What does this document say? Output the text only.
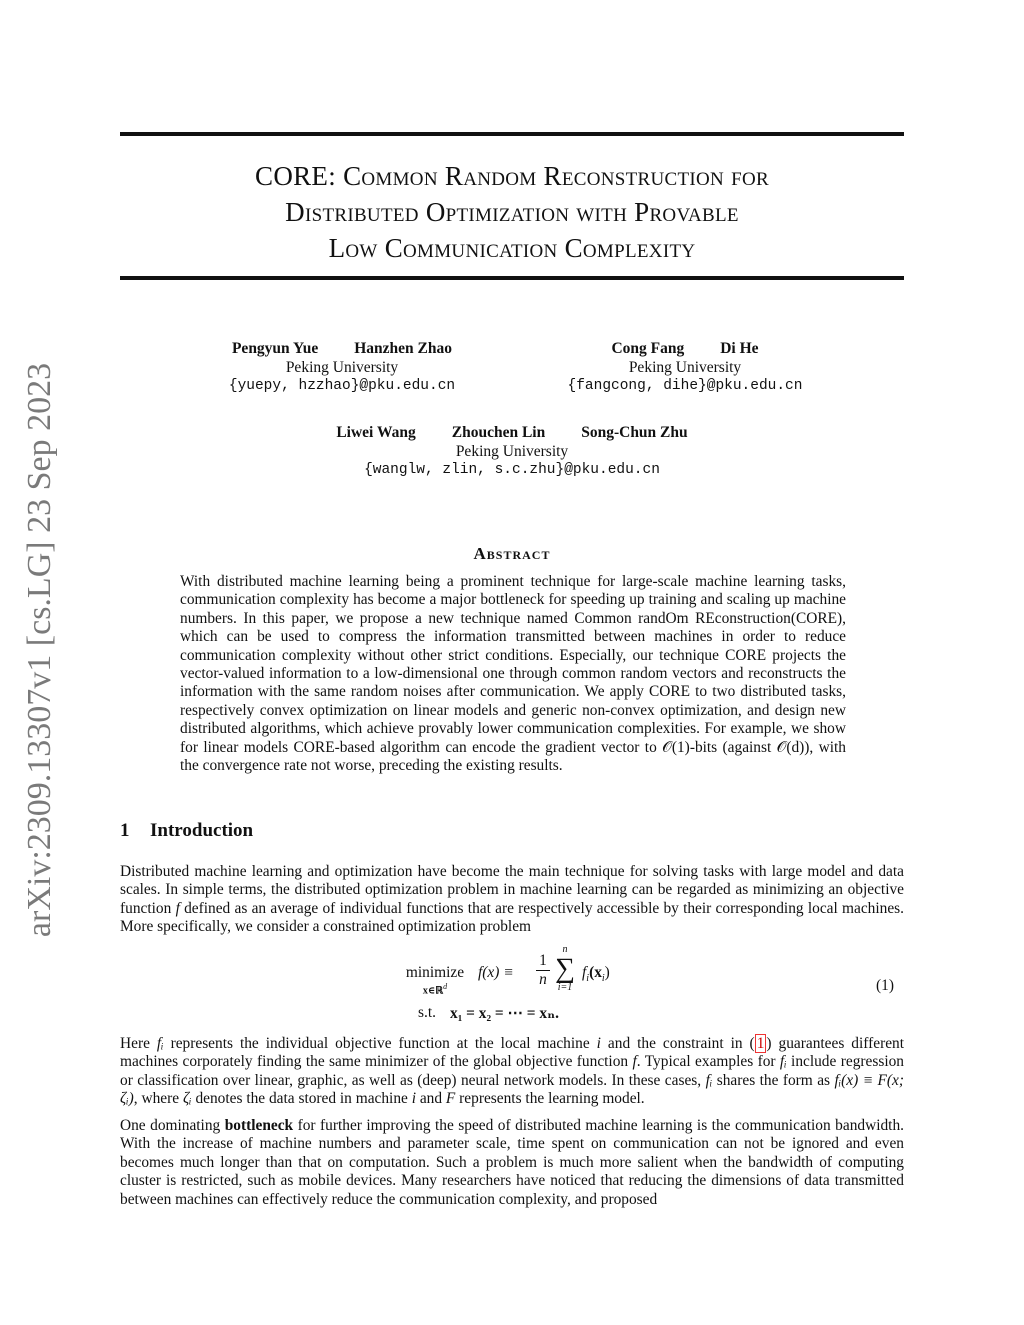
arXiv:2309.13307v1 [cs.LG] 23 Sep 2023
CORE: Common Random Reconstruction for
Distributed Optimization with Provable
Low Communication Complexity
Pengyun Yue Hanzhen Zhao
Peking University
{yuepy, hzzhao}@pku.edu.cn
Cong Fang Di He
Peking University
{fangcong, dihe}@pku.edu.cn
Liwei Wang Zhouchen Lin Song-Chun Zhu
Peking University
{wanglw, zlin, s.c.zhu}@pku.edu.cn
Abstract
With distributed machine learning being a prominent technique for large-scale machine learning tasks, communication complexity has become a major bottleneck for speeding up training and scaling up machine numbers. In this paper, we propose a new technique named Common randOm REconstruction(CORE), which can be used to compress the information transmitted between machines in order to reduce communication complexity without other strict conditions. Especially, our technique CORE projects the vector-valued information to a low-dimensional one through common random vectors and reconstructs the information with the same random noises after communication. We apply CORE to two distributed tasks, respectively convex optimization on linear models and generic non-convex optimization, and design new distributed algorithms, which achieve provably lower communication complexities. For example, we show for linear models CORE-based algorithm can encode the gradient vector to 𝒪(1)-bits (against 𝒪(d)), with the convergence rate not worse, preceding the existing results.
1 Introduction
Distributed machine learning and optimization have become the main technique for solving tasks with large model and data scales. In simple terms, the distributed optimization problem in machine learning can be regarded as minimizing an objective function f defined as an average of individual functions that are respectively accessible by their corresponding local machines. More specifically, we consider a constrained optimization problem
minimize
x∈ℝ$^d$
f(x) ≡
1
n
n
∑
i=1
$f_i(x_i)$
s.t. x₁ = x₂ = ⋯ = xₙ.
(1)
Here fᵢ represents the individual objective function at the local machine i and the constraint in ( 1 ) guarantees different machines corporately finding the same minimizer of the global objective function f. Typical examples for fᵢ include regression or classification over linear, graphic, as well as (deep) neural network models. In these cases, fᵢ shares the form as fᵢ(x) ≡ F(x; ζᵢ), where ζᵢ denotes the data stored in machine i and F represents the learning model.
One dominating bottleneck for further improving the speed of distributed machine learning is the communication bandwidth. With the increase of machine numbers and parameter scale, time spent on communication can not be ignored and even becomes much longer than that on computation. Such a problem is much more salient when the bandwidth of computing cluster is restricted, such as mobile devices. Many researchers have noticed that reducing the dimensions of data transmitted between machines can effectively reduce the communication complexity, and proposed
